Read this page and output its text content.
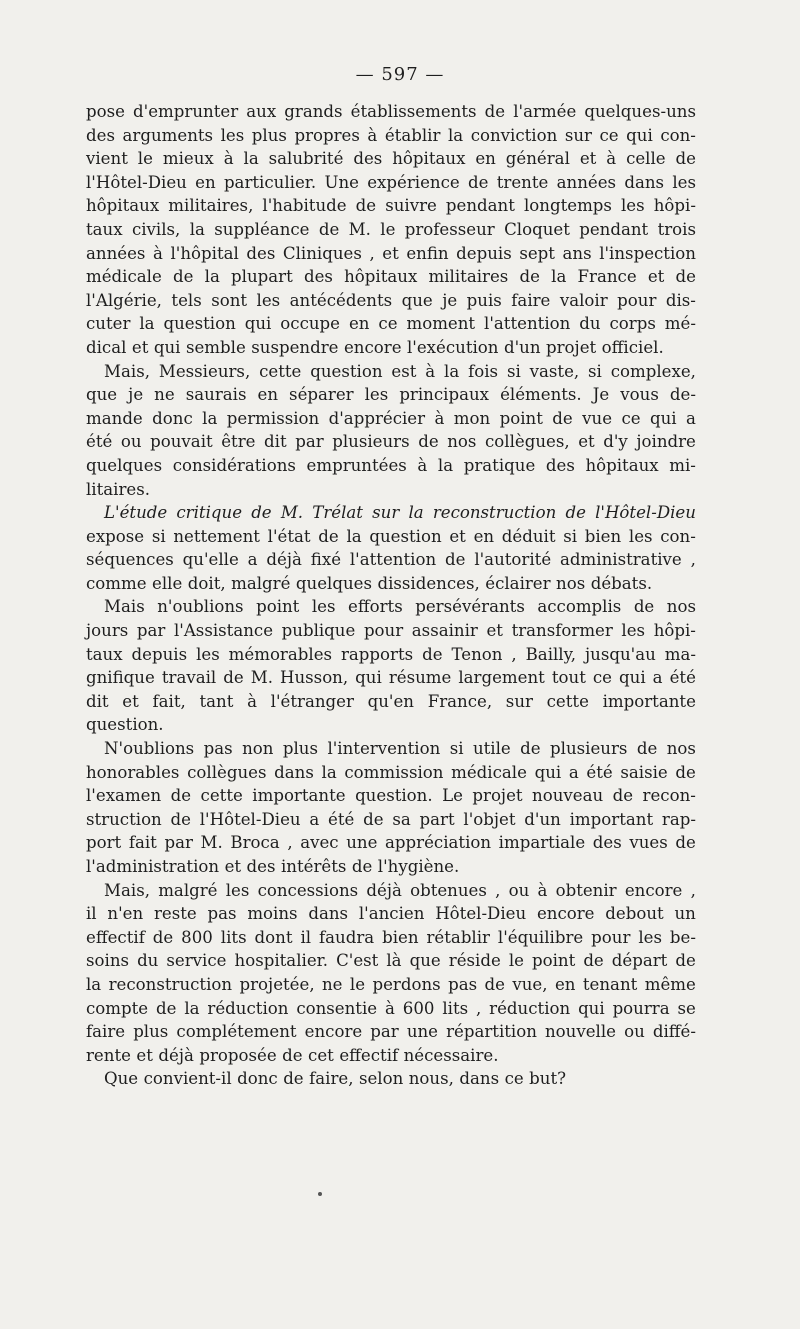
— 597 —
pose d'emprunter aux grands établissements de l'armée quelques-uns
des arguments les plus propres à établir la conviction sur ce qui con-
vient le mieux à la salubrité des hôpitaux en général et à celle de
l'Hôtel-Dieu en particulier. Une expérience de trente années dans les
hôpitaux militaires, l'habitude de suivre pendant longtemps les hôpi-
taux civils, la suppléance de M. le professeur Cloquet pendant trois
années à l'hôpital des Cliniques , et enfin depuis sept ans l'inspection
médicale de la plupart des hôpitaux militaires de la France et de
l'Algérie, tels sont les antécédents que je puis faire valoir pour dis-
cuter la question qui occupe en ce moment l'attention du corps mé-
dical et qui semble suspendre encore l'exécution d'un projet officiel.
Mais, Messieurs, cette question est à la fois si vaste, si complexe,
que je ne saurais en séparer les principaux éléments. Je vous de-
mande donc la permission d'apprécier à mon point de vue ce qui a
été ou pouvait être dit par plusieurs de nos collègues, et d'y joindre
quelques considérations empruntées à la pratique des hôpitaux mi-
litaires.
L'étude critique de M. Trélat sur la reconstruction de l'Hôtel-Dieu
expose si nettement l'état de la question et en déduit si bien les con-
séquences qu'elle a déjà fixé l'attention de l'autorité administrative ,
comme elle doit, malgré quelques dissidences, éclairer nos débats.
Mais n'oublions point les efforts persévérants accomplis de nos
jours par l'Assistance publique pour assainir et transformer les hôpi-
taux depuis les mémorables rapports de Tenon , Bailly, jusqu'au ma-
gnifique travail de M. Husson, qui résume largement tout ce qui a été
dit et fait, tant à l'étranger qu'en France, sur cette importante
question.
N'oublions pas non plus l'intervention si utile de plusieurs de nos
honorables collègues dans la commission médicale qui a été saisie de
l'examen de cette importante question. Le projet nouveau de recon-
struction de l'Hôtel-Dieu a été de sa part l'objet d'un important rap-
port fait par M. Broca , avec une appréciation impartiale des vues de
l'administration et des intérêts de l'hygiène.
Mais, malgré les concessions déjà obtenues , ou à obtenir encore ,
il n'en reste pas moins dans l'ancien Hôtel-Dieu encore debout un
effectif de 800 lits dont il faudra bien rétablir l'équilibre pour les be-
soins du service hospitalier. C'est là que réside le point de départ de
la reconstruction projetée, ne le perdons pas de vue, en tenant même
compte de la réduction consentie à 600 lits , réduction qui pourra se
faire plus complétement encore par une répartition nouvelle ou diffé-
rente et déjà proposée de cet effectif nécessaire.
Que convient-il donc de faire, selon nous, dans ce but?
